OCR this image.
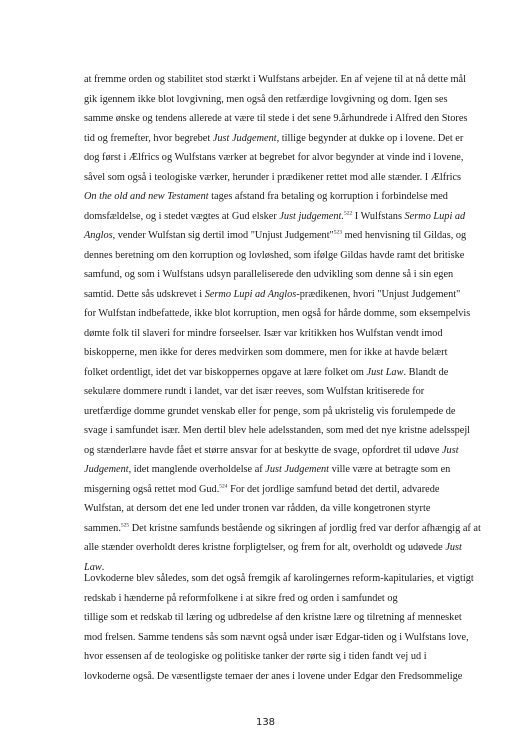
at fremme orden og stabilitet stod stærkt i Wulfstans arbejder. En af vejene til at nå dette mål
gik igennem ikke blot lovgivning, men også den retfærdige lovgivning og dom. Igen ses
samme ønske og tendens allerede at være til stede i det sene 9.århundrede i Alfred den Stores
tid og fremefter, hvor begrebet Just Judgement, tillige begynder at dukke op i lovene. Det er
dog først i Ælfrics og Wulfstans værker at begrebet for alvor begynder at vinde ind i lovene,
såvel som også i teologiske værker, herunder i prædikener rettet mod alle stænder. I Ælfrics
On the old and new Testament tages afstand fra betaling og korruption i forbindelse med
domsfældelse, og i stedet vægtes at Gud elsker Just judgement.$^{522}$ I Wulfstans Sermo Lupi ad
Anglos, vender Wulfstan sig dertil imod "Unjust Judgement"$^{523}$ med henvisning til Gildas, og
dennes beretning om den korruption og lovløshed, som ifølge Gildas havde ramt det britiske
samfund, og som i Wulfstans udsyn paralleliserede den udvikling som denne så i sin egen
samtid. Dette sås udskrevet i Sermo Lupi ad Anglos-prædikenen, hvori "Unjust Judgement"
for Wulfstan indbefattede, ikke blot korruption, men også for hårde domme, som eksempelvis
dømte folk til slaveri for mindre forseelser. Især var kritikken hos Wulfstan vendt imod
biskopperne, men ikke for deres medvirken som dommere, men for ikke at havde belært
folket ordentligt, idet det var biskoppernes opgave at lære folket om Just Law. Blandt de
sekulære dommere rundt i landet, var det især reeves, som Wulfstan kritiserede for
uretfærdige domme grundet venskab eller for penge, som på ukristelig vis forulempede de
svage i samfundet især. Men dertil blev hele adelsstanden, som med det nye kristne adelsspejl
og stænderlære havde fået et større ansvar for at beskytte de svage, opfordret til udøve Just
Judgement, idet manglende overholdelse af Just Judgement ville være at betragte som en
misgerning også rettet mod Gud.$^{524}$ For det jordlige samfund betød det dertil, advarede
Wulfstan, at dersom det ene led under tronen var rådden, da ville kongetronen styrte
sammen.$^{525}$ Det kristne samfunds bestående og sikringen af jordlig fred var derfor afhængig af at
alle stænder overholdt deres kristne forpligtelser, og frem for alt, overholdt og udøvede Just
Law.

Lovkoderne blev således, som det også fremgik af karolingernes reform-kapitularies, et vigtigt
redskab i hænderne på reformfolkene i at sikre fred og orden i samfundet og
tillige som et redskab til læring og udbredelse af den kristne lære og tilretning af mennesket
mod frelsen. Samme tendens sås som nævnt også under især Edgar-tiden og i Wulfstans love,
hvor essensen af de teologiske og politiske tanker der rørte sig i tiden fandt vej ud i
lovkoderne også. De væsentligste temaer der anes i lovene under Edgar den Fredsommelige

138
